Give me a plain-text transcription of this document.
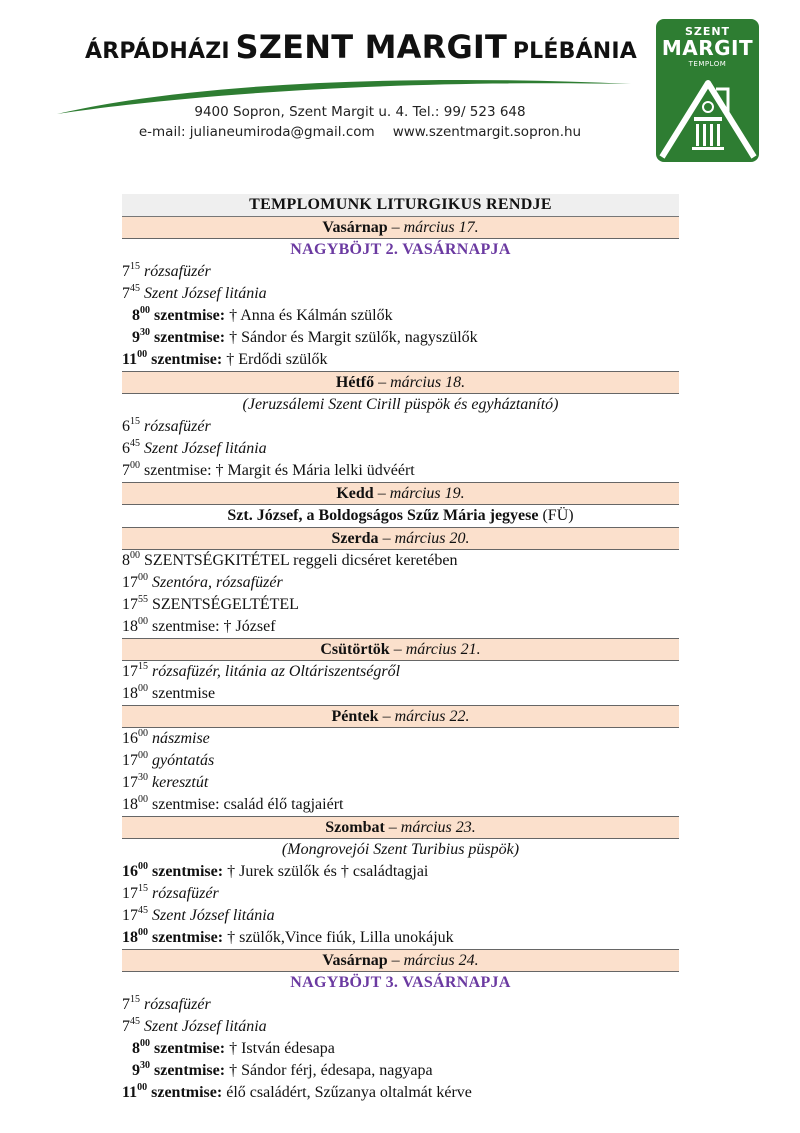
ÁRPÁDHÁZI SZENT MARGIT PLÉBÁNIA
9400 Sopron, Szent Margit u. 4. Tel.: 99/ 523 648
e-mail: julianeumiroda@gmail.com www.szentmargit.sopron.hu
SZENT
MARGIT
TEMPLOM
TEMPLOMUNK LITURGIKUS RENDJE
Vasárnap – március 17.
NAGYBÖJT 2. VASÁRNAPJA
$7^{15}$ rózsafüzér
$7^{45}$ Szent József litánia
$8^{00}$ szentmise: † Anna és Kálmán szülők
$9^{30}$ szentmise: † Sándor és Margit szülők, nagyszülők
$11^{00}$ szentmise: † Erdődi szülők
Hétfő – március 18.
(Jeruzsálemi Szent Cirill püspök és egyháztanító)
$6^{15}$ rózsafüzér
$6^{45}$ Szent József litánia
$7^{00}$ szentmise: † Margit és Mária lelki üdvéért
Kedd – március 19.
Szt. József, a Boldogságos Szűz Mária jegyese (FÜ)
Szerda – március 20.
$8^{00}$ SZENTSÉGKITÉTEL reggeli dicséret keretében
$17^{00}$ Szentóra, rózsafüzér
$17^{55}$ SZENTSÉGELTÉTEL
$18^{00}$ szentmise: † József
Csütörtök – március 21.
$17^{15}$ rózsafüzér, litánia az Oltáriszentségről
$18^{00}$ szentmise
Péntek – március 22.
$16^{00}$ nászmise
$17^{00}$ gyóntatás
$17^{30}$ keresztút
$18^{00}$ szentmise: család élő tagjaiért
Szombat – március 23.
(Mongrovejói Szent Turibius püspök)
$16^{00}$ szentmise: † Jurek szülők és † családtagjai
$17^{15}$ rózsafüzér
$17^{45}$ Szent József litánia
$18^{00}$ szentmise: † szülők,Vince fiúk, Lilla unokájuk
Vasárnap – március 24.
NAGYBÖJT 3. VASÁRNAPJA
$7^{15}$ rózsafüzér
$7^{45}$ Szent József litánia
$8^{00}$ szentmise: † István édesapa
$9^{30}$ szentmise: † Sándor férj, édesapa, nagyapa
$11^{00}$ szentmise: élő családért, Szűzanya oltalmát kérve
